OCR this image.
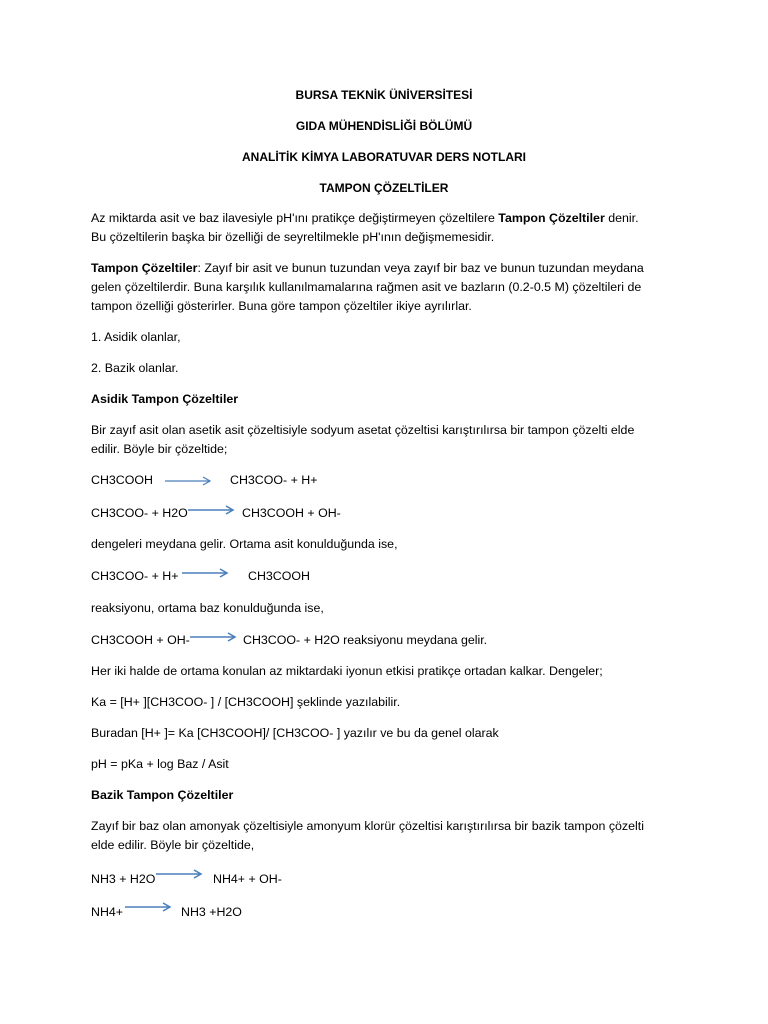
BURSA TEKNİK ÜNİVERSİTESİ
GIDA MÜHENDİSLİĞİ BÖLÜMÜ
ANALİTİK KİMYA LABORATUVAR DERS NOTLARI
TAMPON ÇÖZELTİLER
Az miktarda asit ve baz ilavesiyle pH'ını pratikçe değiştirmeyen çözeltilere Tampon Çözeltiler denir.
Bu çözeltilerin başka bir özelliği de seyreltilmekle pH'ının değişmemesidir.
Tampon Çözeltiler: Zayıf bir asit ve bunun tuzundan veya zayıf bir baz ve bunun tuzundan meydana
gelen çözeltilerdir. Buna karşılık kullanılmamalarına rağmen asit ve bazların (0.2-0.5 M) çözeltileri de
tampon özelliği gösterirler. Buna göre tampon çözeltiler ikiye ayrılırlar.
1. Asidik olanlar,
2. Bazik olanlar.
Asidik Tampon Çözeltiler
Bir zayıf asit olan asetik asit çözeltisiyle sodyum asetat çözeltisi karıştırılırsa bir tampon çözelti elde
edilir. Böyle bir çözeltide;
CH3COOH	CH3COO- + H+
CH3COO- + H2O	CH3COOH + OH-
dengeleri meydana gelir. Ortama asit konulduğunda ise,
CH3COO- + H+	CH3COOH
reaksiyonu, ortama baz konulduğunda ise,
CH3COOH + OH-	CH3COO- + H2O reaksiyonu meydana gelir.
Her iki halde de ortama konulan az miktardaki iyonun etkisi pratikçe ortadan kalkar. Dengeler;
Ka = [H+ ][CH3COO- ] / [CH3COOH] şeklinde yazılabilir.
Buradan [H+ ]= Ka [CH3COOH]/ [CH3COO- ] yazılır ve bu da genel olarak
pH = pKa + log Baz / Asit
Bazik Tampon Çözeltiler
Zayıf bir baz olan amonyak çözeltisiyle amonyum klorür çözeltisi karıştırılırsa bir bazik tampon çözelti
elde edilir. Böyle bir çözeltide,
NH3 + H2O	NH4+ + OH-
NH4+	NH3 +H2O
